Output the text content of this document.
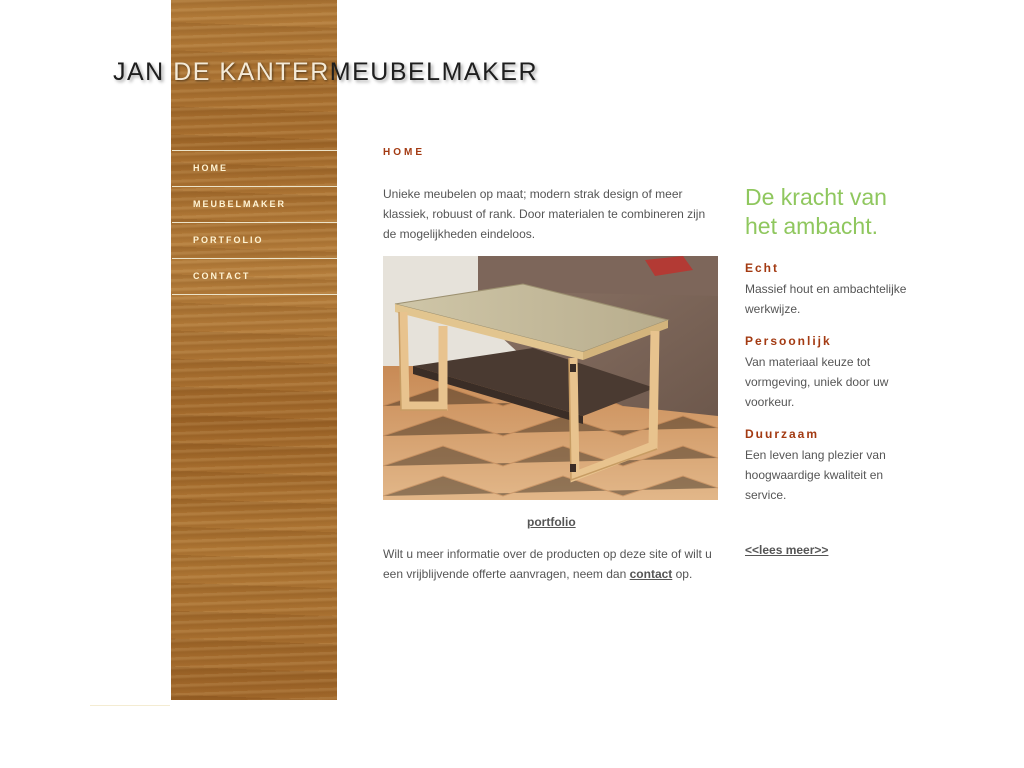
JAN DE KANTERMEUBELMAKER
HOME
MEUBELMAKER
PORTFOLIO
CONTACT
HOME

Unieke meubelen op maat; modern strak design of meer klassiek, robuust of rank. Door materialen te combineren zijn de mogelijkheden eindeloos.

portfolio

Wilt u meer informatie over de producten op deze site of wilt u een vrijblijvende offerte aanvragen, neem dan contact op.

De kracht van het ambacht.
Echt

Massief hout en ambachtelijke werkwijze.

Persoonlijk

Van materiaal keuze tot vormgeving, uniek door uw voorkeur.

Duurzaam

Een leven lang plezier van hoogwaardige kwaliteit en service.

<<lees meer>>
